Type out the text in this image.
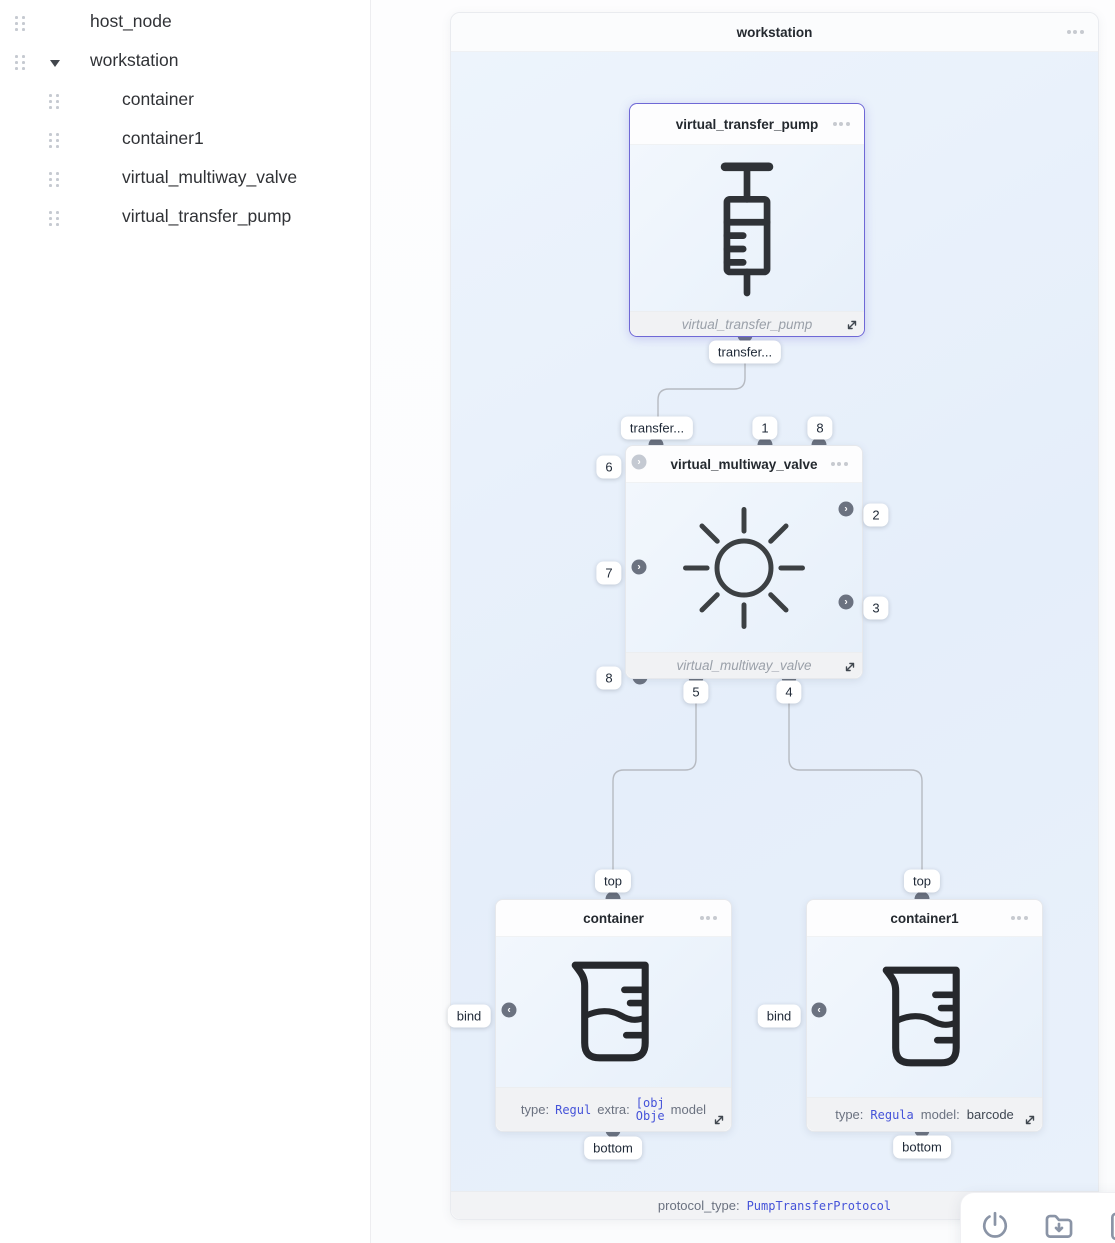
host_node
workstation
container
container1
virtual_multiway_valve
virtual_transfer_pump
workstation
protocol_type: PumpTransferProtocol
virtual_transfer_pump
virtual_transfer_pump
virtual_multiway_valve
virtual_multiway_valve
›
›
›
›
container
type: Regul extra: [obj
Obje model
‹
container1
type: Regula model: barcode
‹
transfer...
transfer...	1	8
6
7
8
2
3
5	4
top
bind
bottom
top
bind
bottom
